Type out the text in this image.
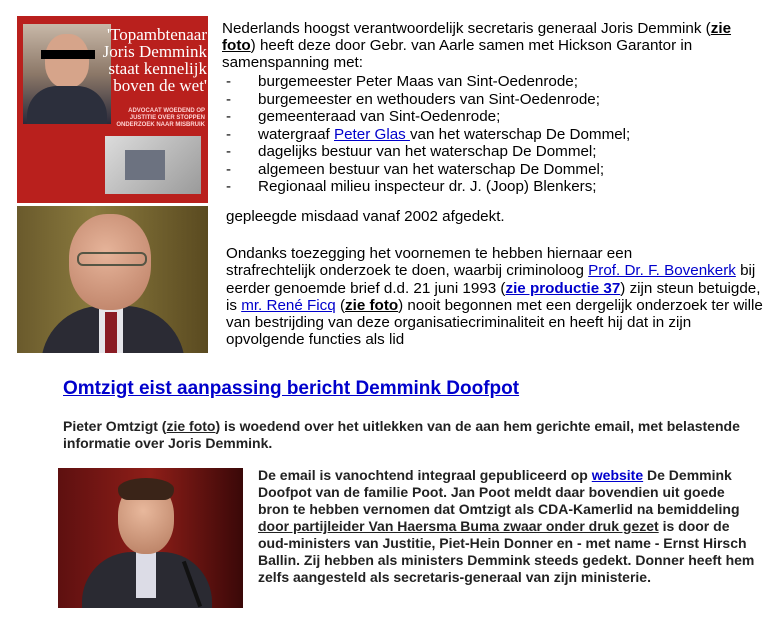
'Topambtenaar Joris Demmink staat kennelijk boven de wet'
ADVOCAAT WOEDEND OP JUSTITIE OVER STOPPEN ONDERZOEK NAAR MISBRUIK
Nederlands hoogst verantwoordelijk secretaris generaal Joris Demmink (zie foto) heeft deze door Gebr. van Aarle samen met Hickson Garantor in samenspanning met:
- burgemeester Peter Maas van Sint-Oedenrode;
- burgemeester en wethouders van Sint-Oedenrode;
- gemeenteraad van Sint-Oedenrode;
- watergraaf Peter Glas van het waterschap De Dommel;
- dagelijks bestuur van het waterschap De Dommel;
- algemeen bestuur van het waterschap De Dommel;
- Regionaal milieu inspecteur dr. J. (Joop) Blenkers;
gepleegde misdaad vanaf 2002 afgedekt.
Ondanks toezegging het voornemen te hebben hiernaar een
strafrechtelijk onderzoek te doen, waarbij criminoloog Prof. Dr. F. Bovenkerk bij eerder genoemde brief d.d. 21 juni 1993 (zie productie 37) zijn steun betuigde, is mr. René Ficq (zie foto) nooit begonnen met een dergelijk onderzoek ter wille van bestrijding van deze organisatiecriminaliteit en heeft hij dat in zijn opvolgende functies als lid
Omtzigt eist aanpassing bericht Demmink Doofpot
Pieter Omtzigt (zie foto) is woedend over het uitlekken van de aan hem gerichte email, met belastende informatie over Joris Demmink.
De email is vanochtend integraal gepubliceerd op website De Demmink Doofpot van de familie Poot. Jan Poot meldt daar bovendien uit goede bron te hebben vernomen dat Omtzigt als CDA-Kamerlid na bemiddeling door partijleider Van Haersma Buma zwaar onder druk gezet is door de oud-ministers van Justitie, Piet-Hein Donner en - met name - Ernst Hirsch Ballin. Zij hebben als ministers Demmink steeds gedekt. Donner heeft hem zelfs aangesteld als secretaris-generaal van zijn ministerie.
